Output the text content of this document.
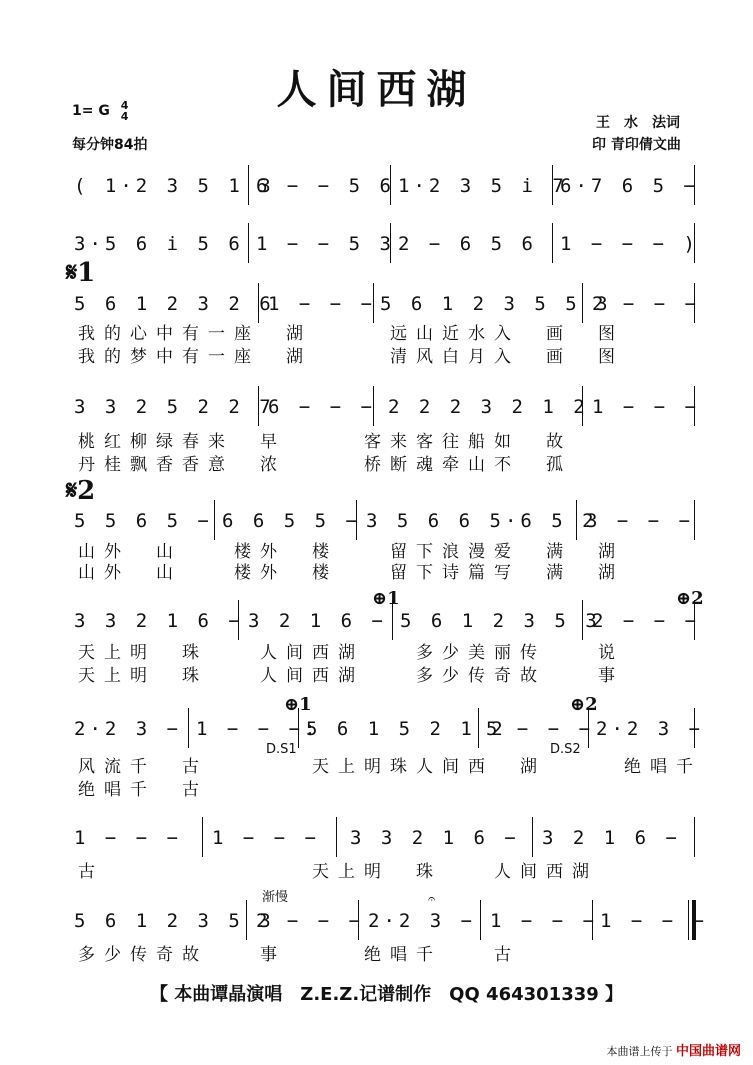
人间西湖
1= G 4
4
每分钟84拍
王　水　法词
印 青印倩文曲
( 1·2 3 5 1 3
6 − − 5 6 1·2 3 5 i 7
6·7 6 5 −
3·5 6 i 5 6 1 − − 5 3 2 − 6 5 6	1 − − − )
𝄋1
5 6 1 2 3 2 6
1 − − − 5 6 1 2 3 5 5 3
2 − − −
我的心中有一座　湖　　　远山近水入　画　图
我的梦中有一座　湖　　　清风白月入　画　图
3 3 2 5 2 2 7
6 − − − 2 2 2 3 2 1 2 1 − − −
桃红柳绿春来　早　　　客来客往船如　故
丹桂飘香香意　浓　　　桥断魂牵山不　孤
𝄋2
5 5 6 5 − 6 6 5 5 − 3 5 6 6 5·6 5 2
3 − − −
山外　山　　楼外　楼　　留下浪漫爱　满　湖
山外　山　　楼外　楼　　留下诗篇写　满　湖
⊕1	⊕2
3 3 2 1 6 − 3 2 1 6 − 5 6 1 2 3 5 3
2 − − −
天上明　珠　　人间西湖　　多少美丽传　　说
天上明　珠　　人间西湖　　多少传奇故　　事
⊕1	⊕2
2·2 3 − 1 − − −:
5 6 1 5 2 1 2
5 − − − 2·2 3 −
D.S1	D.S2
风流千　古　　　　天上明珠人间西　湖　　　绝唱千
绝唱千　古
1 − − −	1 − − −	3 3 2 1 6 −	3 2 1 6 −
古　　　　　　　　天上明　珠　　人间西湖
渐慢	𝄐
5 6 1 2 3 5 3
2 − − − 2·2 3 − 1 − − − 1 − − −
多少传奇故　　事　　　绝唱千　　古
【 本曲谭晶演唱　Z.E.Z.记谱制作　QQ 464301339 】
本曲谱上传于 中国曲谱网
